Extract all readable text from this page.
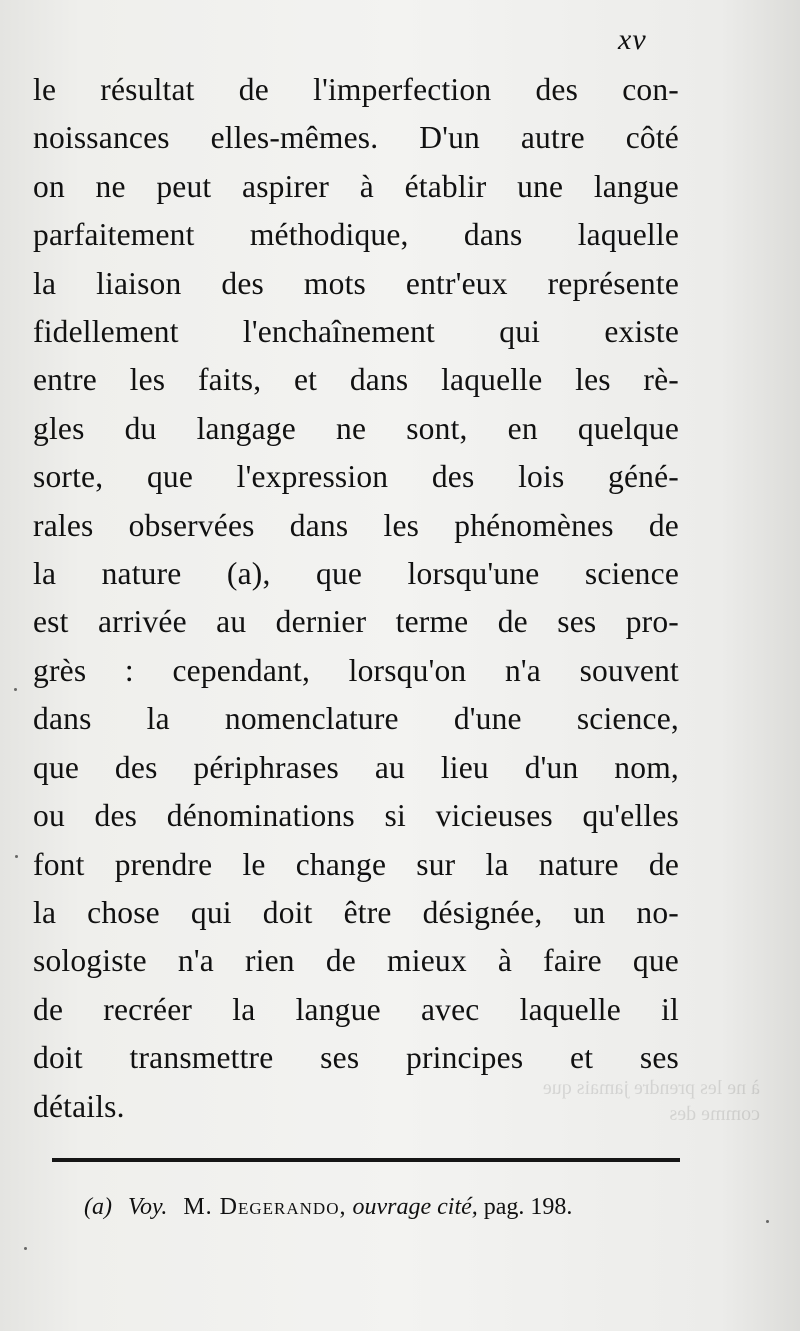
à ne les prendre jamais que comme des
xv
le résultat de l'imperfection des con-
noissances elles-mêmes. D'un autre côté
on ne peut aspirer à établir une langue
parfaitement méthodique, dans laquelle
la liaison des mots entr'eux représente
fidellement l'enchaînement qui existe
entre les faits, et dans laquelle les rè-
gles du langage ne sont, en quelque
sorte, que l'expression des lois géné-
rales observées dans les phénomènes de
la nature (a), que lorsqu'une science
est arrivée au dernier terme de ses pro-
grès : cependant, lorsqu'on n'a souvent
dans la nomenclature d'une science,
que des périphrases au lieu d'un nom,
ou des dénominations si vicieuses qu'elles
font prendre le change sur la nature de
la chose qui doit être désignée, un no-
sologiste n'a rien de mieux à faire que
de recréer la langue avec laquelle il
doit transmettre ses principes et ses
détails.
(a) Voy. M. Degerando, ouvrage cité, pag. 198.
